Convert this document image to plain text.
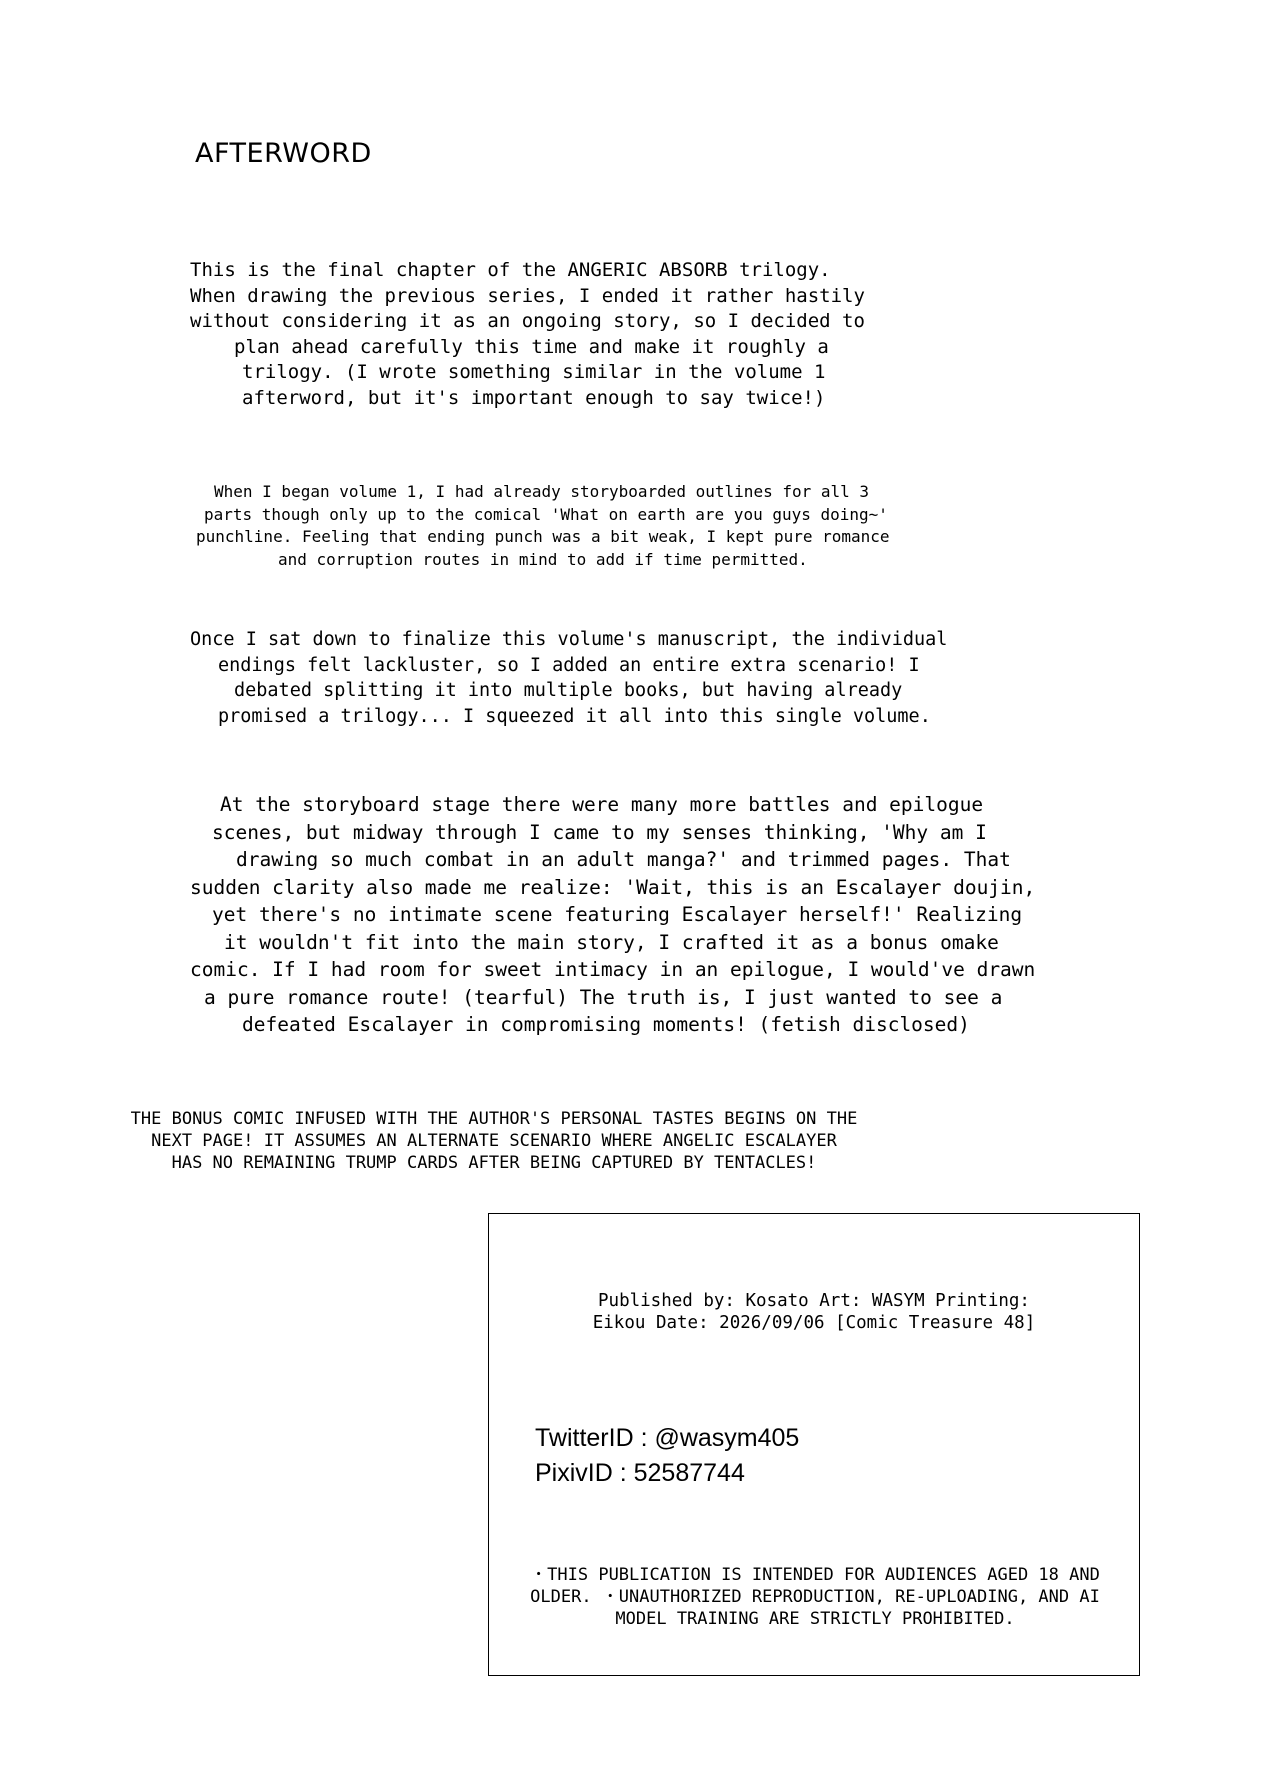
AFTERWORD
This is the final chapter of the ANGERIC ABSORB trilogy.
When drawing the previous series, I ended it rather hastily
without considering it as an ongoing story, so I decided to
plan ahead carefully this time and make it roughly a
trilogy. (I wrote something similar in the volume 1
afterword, but it's important enough to say twice!)
When I began volume 1, I had already storyboarded outlines for all 3
parts though only up to the comical 'What on earth are you guys doing~'
punchline. Feeling that ending punch was a bit weak, I kept pure romance
and corruption routes in mind to add if time permitted.
Once I sat down to finalize this volume's manuscript, the individual
endings felt lackluster, so I added an entire extra scenario! I
debated splitting it into multiple books, but having already
promised a trilogy... I squeezed it all into this single volume.
At the storyboard stage there were many more battles and epilogue
scenes, but midway through I came to my senses thinking, 'Why am I
drawing so much combat in an adult manga?' and trimmed pages. That
sudden clarity also made me realize: 'Wait, this is an Escalayer doujin,
yet there's no intimate scene featuring Escalayer herself!' Realizing
it wouldn't fit into the main story, I crafted it as a bonus omake
comic. If I had room for sweet intimacy in an epilogue, I would've drawn
a pure romance route! (tearful) The truth is, I just wanted to see a
defeated Escalayer in compromising moments! (fetish disclosed)
THE BONUS COMIC INFUSED WITH THE AUTHOR'S PERSONAL TASTES BEGINS ON THE
NEXT PAGE! IT ASSUMES AN ALTERNATE SCENARIO WHERE ANGELIC ESCALAYER
HAS NO REMAINING TRUMP CARDS AFTER BEING CAPTURED BY TENTACLES!
Published by: Kosato Art: WASYM Printing:
Eikou Date: 2026/09/06 [Comic Treasure 48]
TwitterID : @wasym405
PixivID : 52587744
・THIS PUBLICATION IS INTENDED FOR AUDIENCES AGED 18 AND
OLDER. ・UNAUTHORIZED REPRODUCTION, RE-UPLOADING, AND AI
MODEL TRAINING ARE STRICTLY PROHIBITED.
